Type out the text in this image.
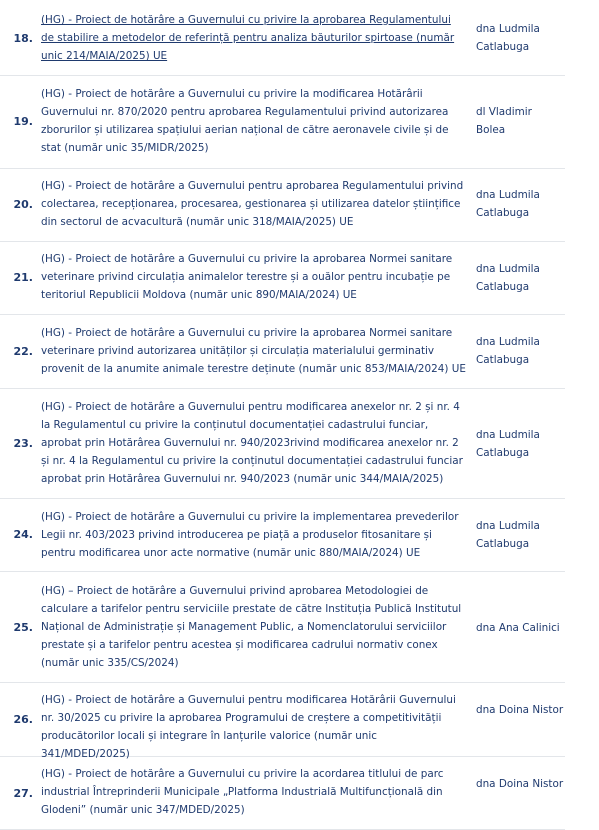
18.
(HG) - Proiect de hotărâre a Guvernului cu privire la aprobarea Regulamentului de stabilire a metodelor de referință pentru analiza băuturilor spirtoase (număr unic 214/MAIA/2025) UE
dna Ludmila Catlabuga
19.
(HG) - Proiect de hotărâre a Guvernului cu privire la modificarea Hotărârii Guvernului nr. 870/2020 pentru aprobarea Regulamentului privind autorizarea zborurilor și utilizarea spațiului aerian național de către aeronavele civile și de stat (număr unic 35/MIDR/2025)
dl Vladimir Bolea
20.
(HG) - Proiect de hotărâre a Guvernului pentru aprobarea Regulamentului privind colectarea, recepționarea, procesarea, gestionarea și utilizarea datelor științifice din sectorul de acvacultură (număr unic 318/MAIA/2025) UE
dna Ludmila Catlabuga
21.
(HG) - Proiect de hotărâre a Guvernului cu privire la aprobarea Normei sanitare veterinare privind circulația animalelor terestre și a ouălor pentru incubație pe teritoriul Republicii Moldova (număr unic 890/MAIA/2024) UE
dna Ludmila Catlabuga
22.
(HG) - Proiect de hotărâre a Guvernului cu privire la aprobarea Normei sanitare veterinare privind autorizarea unităților și circulația materialului germinativ provenit de la anumite animale terestre deținute (număr unic 853/MAIA/2024) UE
dna Ludmila Catlabuga
23.
(HG) - Proiect de hotărâre a Guvernului pentru modificarea anexelor nr. 2 și nr. 4 la Regulamentul cu privire la conținutul documentației cadastrului funciar, aprobat prin Hotărârea Guvernului nr. 940/2023rivind modificarea anexelor nr. 2 și nr. 4 la Regulamentul cu privire la conținutul documentației cadastrului funciar aprobat prin Hotărârea Guvernului nr. 940/2023 (număr unic 344/MAIA/2025)
dna Ludmila Catlabuga
24.
(HG) - Proiect de hotărâre a Guvernului cu privire la implementarea prevederilor Legii nr. 403/2023 privind introducerea pe piață a produselor fitosanitare și pentru modificarea unor acte normative (număr unic 880/MAIA/2024) UE
dna Ludmila Catlabuga
25.
(HG) – Proiect de hotărâre a Guvernului privind aprobarea Metodologiei de calculare a tarifelor pentru serviciile prestate de către Instituția Publică Institutul Național de Administrație și Management Public, a Nomenclatorului serviciilor prestate și a tarifelor pentru acestea și modificarea cadrului normativ conex (număr unic 335/CS/2024)
dna Ana Calinici
26.
(HG) - Proiect de hotărâre a Guvernului pentru modificarea Hotărârii Guvernului nr. 30/2025 cu privire la aprobarea Programului de creștere a competitivității producătorilor locali și integrare în lanțurile valorice (număr unic 341/MDED/2025)
dna Doina Nistor
27.
(HG) - Proiect de hotărâre a Guvernului cu privire la acordarea titlului de parc industrial Întreprinderii Municipale „Platforma Industrială Multifuncțională din Glodeni” (număr unic 347/MDED/2025)
dna Doina Nistor
